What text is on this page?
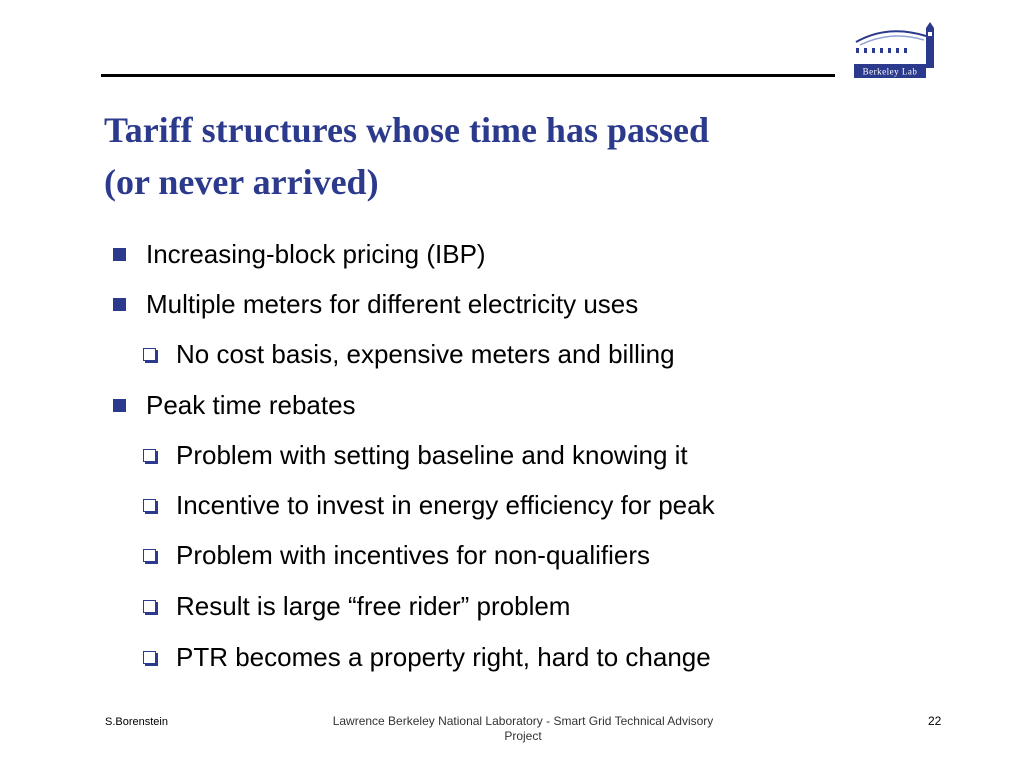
Berkeley Lab
Tariff structures whose time has passed
(or never arrived)
Increasing-block pricing (IBP)
Multiple meters for different electricity uses
No cost basis, expensive meters and billing
Peak time rebates
Problem with setting baseline and knowing it
Incentive to invest in energy efficiency for peak
Problem with incentives for non-qualifiers
Result is large “free rider” problem
PTR becomes a property right, hard to change
S.Borenstein	Lawrence Berkeley National Laboratory - Smart Grid Technical Advisory
Project
22
